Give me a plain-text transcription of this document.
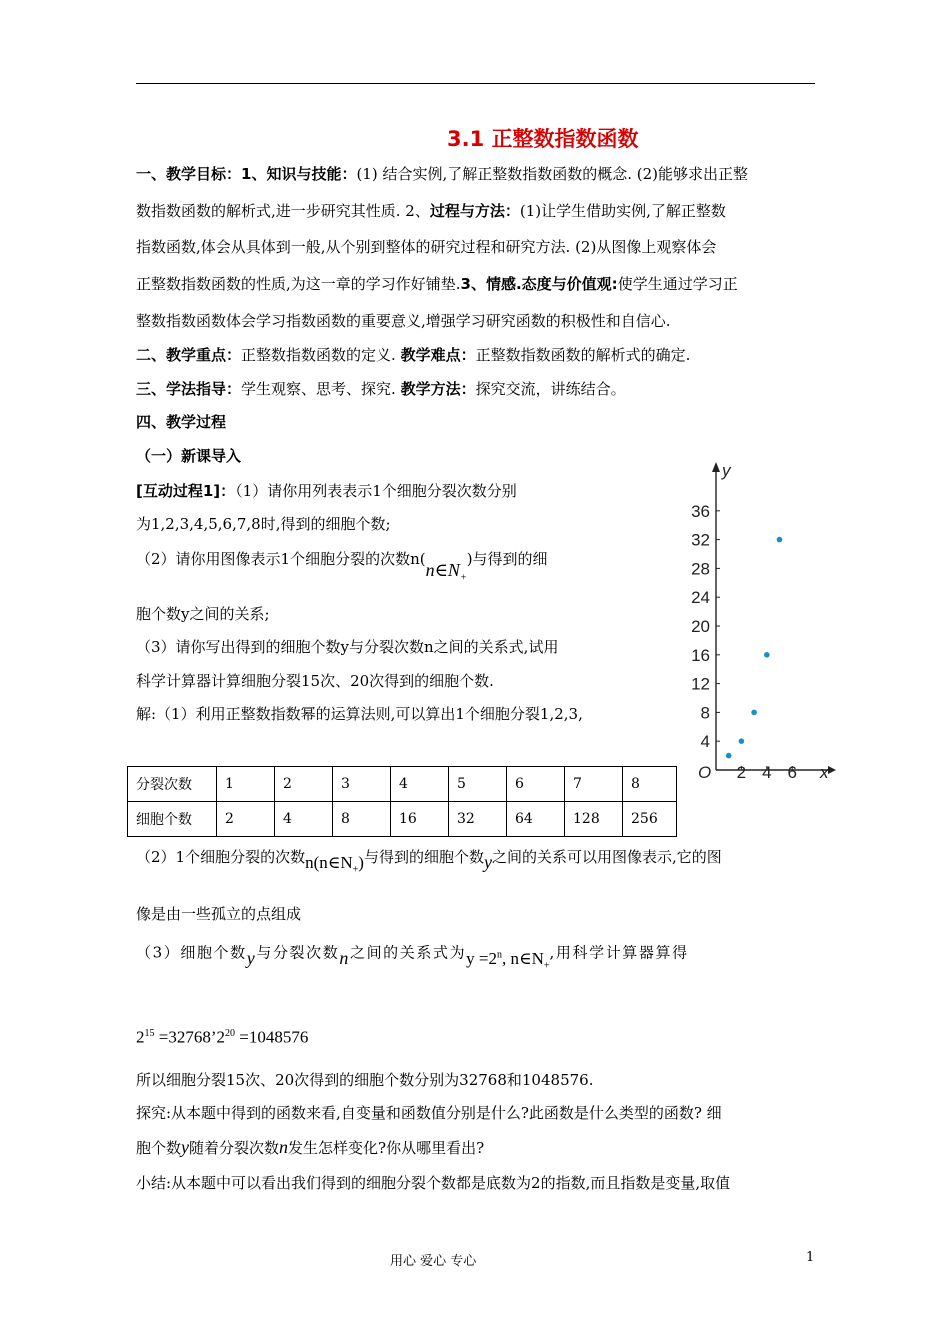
3.1 正整数指数函数
一、教学目标：1、知识与技能：(1) 结合实例,了解正整数指数函数的概念. (2)能够求出正整
数指数函数的解析式,进一步研究其性质. 2、过程与方法：(1)让学生借助实例,了解正整数
指数函数,体会从具体到一般,从个别到整体的研究过程和研究方法. (2)从图像上观察体会
正整数指数函数的性质,为这一章的学习作好铺垫.3、情感.态度与价值观:使学生通过学习正
整数指数函数体会学习指数函数的重要意义,增强学习研究函数的积极性和自信心.
二、教学重点：正整数指数函数的定义. 教学难点：正整数指数函数的解析式的确定.
三、学法指导：学生观察、思考、探究. 教学方法：探究交流，讲练结合。
四、教学过程
（一）新课导入
[互动过程1]：（1）请你用列表表示1个细胞分裂次数分别
为1,2,3,4,5,6,7,8时,得到的细胞个数;
（2）请你用图像表示1个细胞分裂的次数$n(n\in N_+)$与得到的细
胞个数y之间的关系;
（3）请你写出得到的细胞个数y与分裂次数n之间的关系式,试用
科学计算器计算细胞分裂15次、20次得到的细胞个数.
解:（1）利用正整数指数幂的运算法则,可以算出1个细胞分裂1,2,3,
y
x
O
4
8
12
16
20
24
28
32
36
2 4 6
分裂次数	1	2	3	4	5	6	7	8
细胞个数	2	4	8	16	32	64	128	256
（2）1个细胞分裂的次数$n(n\in N_+)$与得到的细胞个数y之间的关系可以用图像表示,它的图
像是由一些孤立的点组成
（3）细胞个数y与分裂次数n之间的关系式为$y =2^n$, $n\in N_+$,用科学计算器算得
$2^{15}$ $=32768’2^{20} =1048576$
所以细胞分裂15次、20次得到的细胞个数分别为32768和1048576.
探究:从本题中得到的函数来看,自变量和函数值分别是什么?此函数是什么类型的函数? 细
胞个数y随着分裂次数n发生怎样变化?你从哪里看出?
小结:从本题中可以看出我们得到的细胞分裂个数都是底数为2的指数,而且指数是变量,取值
用心 爱心 专心	1
